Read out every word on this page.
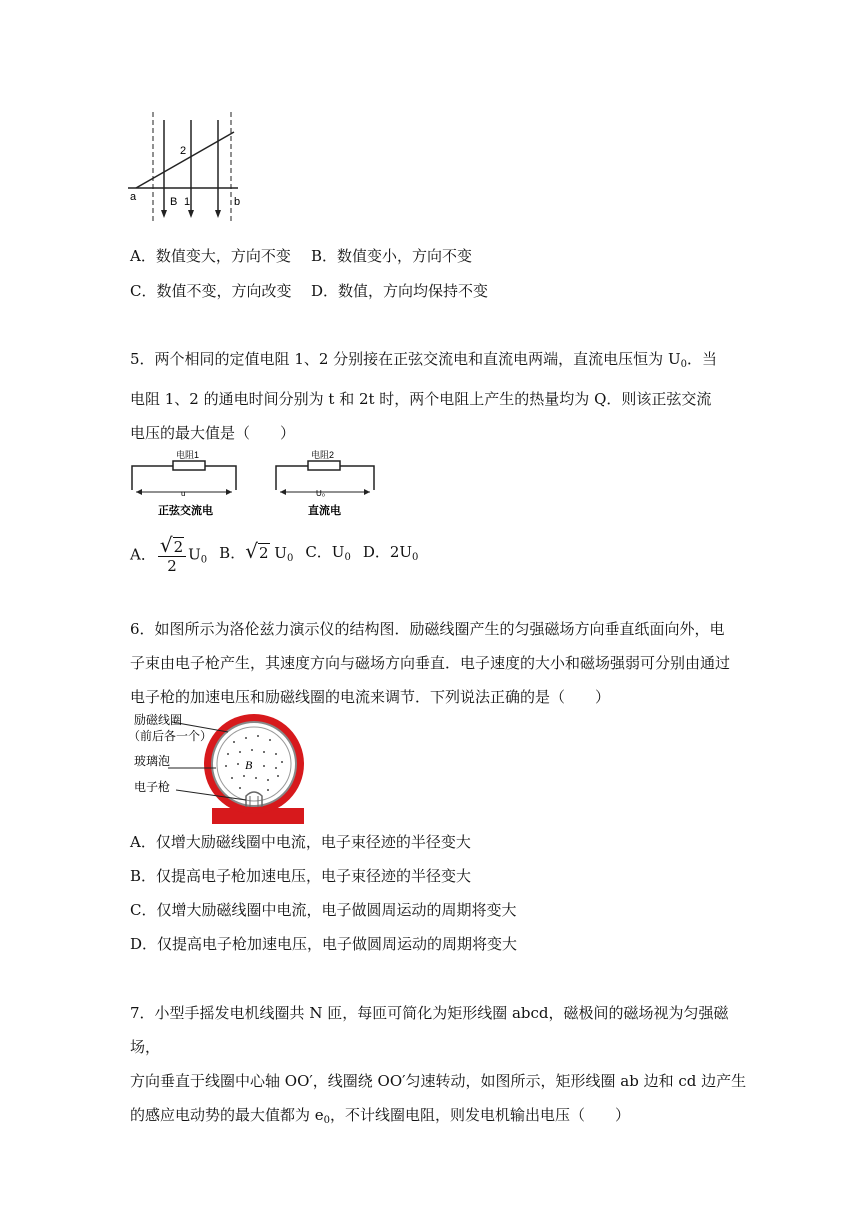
2
a	B 1	b
A．数值变大，方向不变 B．数值变小，方向不变
C．数值不变，方向改变 D．数值，方向均保持不变
5．两个相同的定值电阻 1、2 分别接在正弦交流电和直流电两端，直流电压恒为 $U_0$．当
电阻 1、2 的通电时间分别为 t 和 2t 时，两个电阻上产生的热量均为 Q．则该正弦交流
电压的最大值是（　　）
电阻1
u
正弦交流电
电阻2
U₀
直流电
A． $\frac{√2}{2} U_0$ B．√2 $U_0$ C．$U_0$ D．$2U_0$
6．如图所示为洛伦兹力演示仪的结构图．励磁线圈产生的匀强磁场方向垂直纸面向外，电
子束由电子枪产生，其速度方向与磁场方向垂直．电子速度的大小和磁场强弱可分别由通过
电子枪的加速电压和励磁线圈的电流来调节．下列说法正确的是（　　）
B
励磁线圈
（前后各一个）
玻璃泡
电子枪
A．仅增大励磁线圈中电流，电子束径迹的半径变大
B．仅提高电子枪加速电压，电子束径迹的半径变大
C．仅增大励磁线圈中电流，电子做圆周运动的周期将变大
D．仅提高电子枪加速电压，电子做圆周运动的周期将变大
7．小型手摇发电机线圈共 N 匝，每匝可简化为矩形线圈 abcd，磁极间的磁场视为匀强磁场，
方向垂直于线圈中心轴 OO′，线圈绕 OO′匀速转动，如图所示，矩形线圈 ab 边和 cd 边产生
的感应电动势的最大值都为 $e_0$，不计线圈电阻，则发电机输出电压（　　）
